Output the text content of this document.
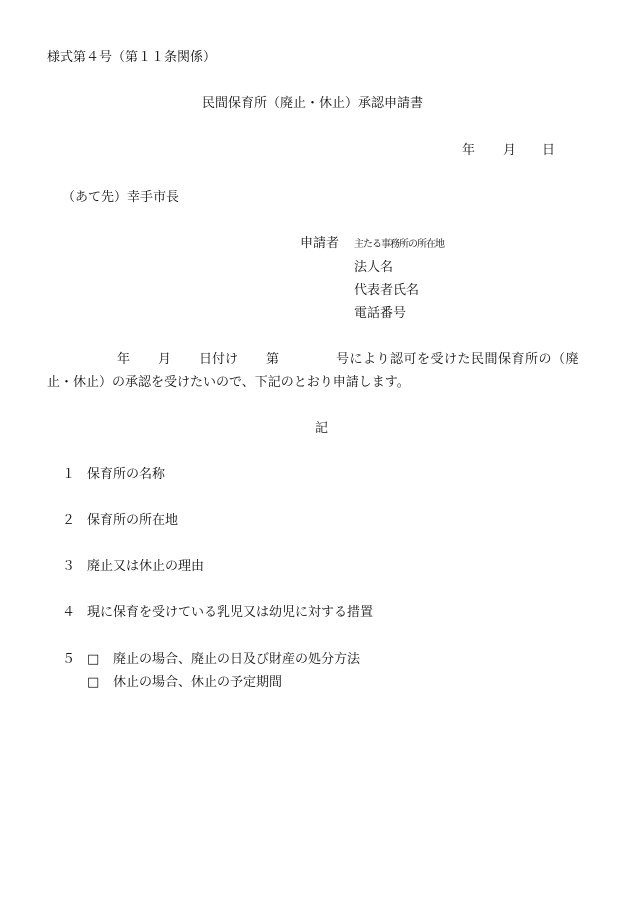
様式第４号（第１１条関係）
民間保育所（廃止・休止）承認申請書
年 月 日
（あて先）幸手市長
申請者 主たる事務所の所在地
法人名
代表者氏名
電話番号
年 月 日付け 第	号により認可を受けた民間保育所の（廃
止・休止）の承認を受けたいので、下記のとおり申請します。
記
１ 保育所の名称
２ 保育所の所在地
３ 廃止又は休止の理由
４ 現に保育を受けている乳児又は幼児に対する措置
５ □ 廃止の場合、廃止の日及び財産の処分方法
□ 休止の場合、休止の予定期間
